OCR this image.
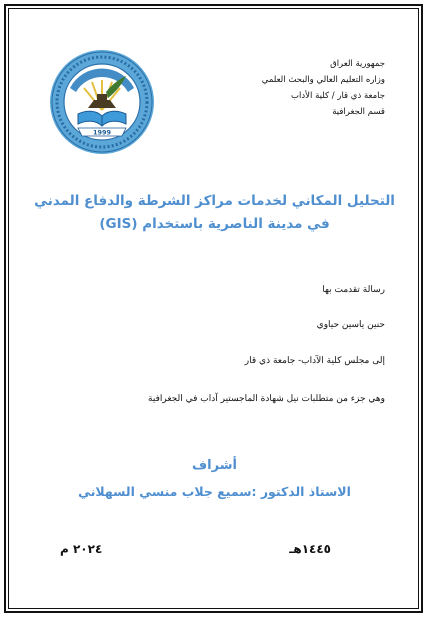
جمهورية العراق
وزاره التعليم العالي والبحث العلمي
جامعة ذي قار / كلية الأداب
قسم الجغرافية
1999
التحليل المكاني لخدمات مراكز الشرطة والدفاع المدني
في مدينة الناصرية باستخدام (GIS)
رسالة تقدمت بها
حنين ياسين حياوي
إلى مجلس كلية الآداب- جامعة ذي قار
وهي جزء من متطلبات نيل شهادة الماجستير آداب في الجغرافية
أشراف
الاستاذ الدكتور :سميع جلاب منسي السهلاني
١٤٤٥هـ
٢٠٢٤ م
